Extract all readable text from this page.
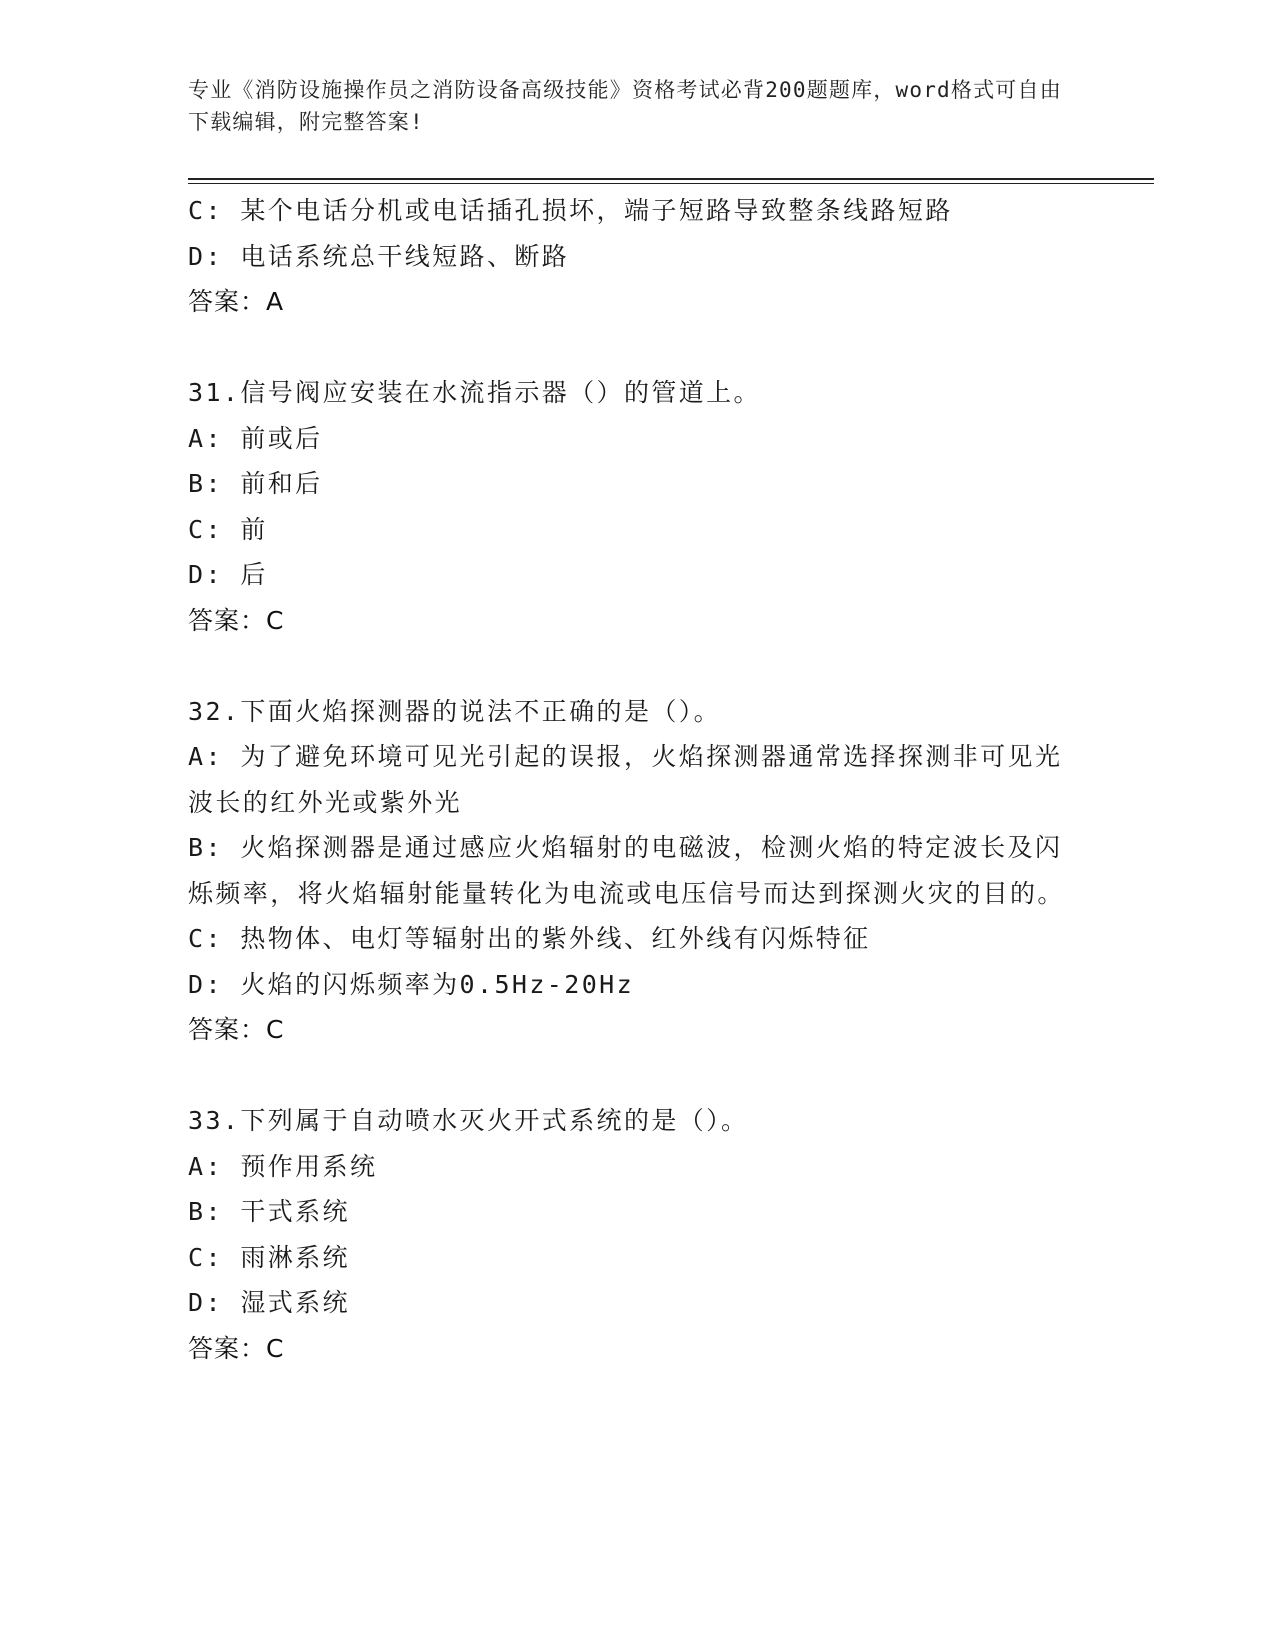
专业《消防设施操作员之消防设备高级技能》资格考试必背200题题库，word格式可自由下载编辑，附完整答案!
C: 某个电话分机或电话插孔损坏，端子短路导致整条线路短路
D: 电话系统总干线短路、断路
答案：A
31.信号阀应安装在水流指示器（）的管道上。
A: 前或后
B: 前和后
C: 前
D: 后
答案：C
32.下面火焰探测器的说法不正确的是（）。
A: 为了避免环境可见光引起的误报，火焰探测器通常选择探测非可见光波长的红外光或紫外光
B: 火焰探测器是通过感应火焰辐射的电磁波，检测火焰的特定波长及闪烁频率，将火焰辐射能量转化为电流或电压信号而达到探测火灾的目的。
C: 热物体、电灯等辐射出的紫外线、红外线有闪烁特征
D: 火焰的闪烁频率为0.5Hz-20Hz
答案：C
33.下列属于自动喷水灭火开式系统的是（）。
A: 预作用系统
B: 干式系统
C: 雨淋系统
D: 湿式系统
答案：C
